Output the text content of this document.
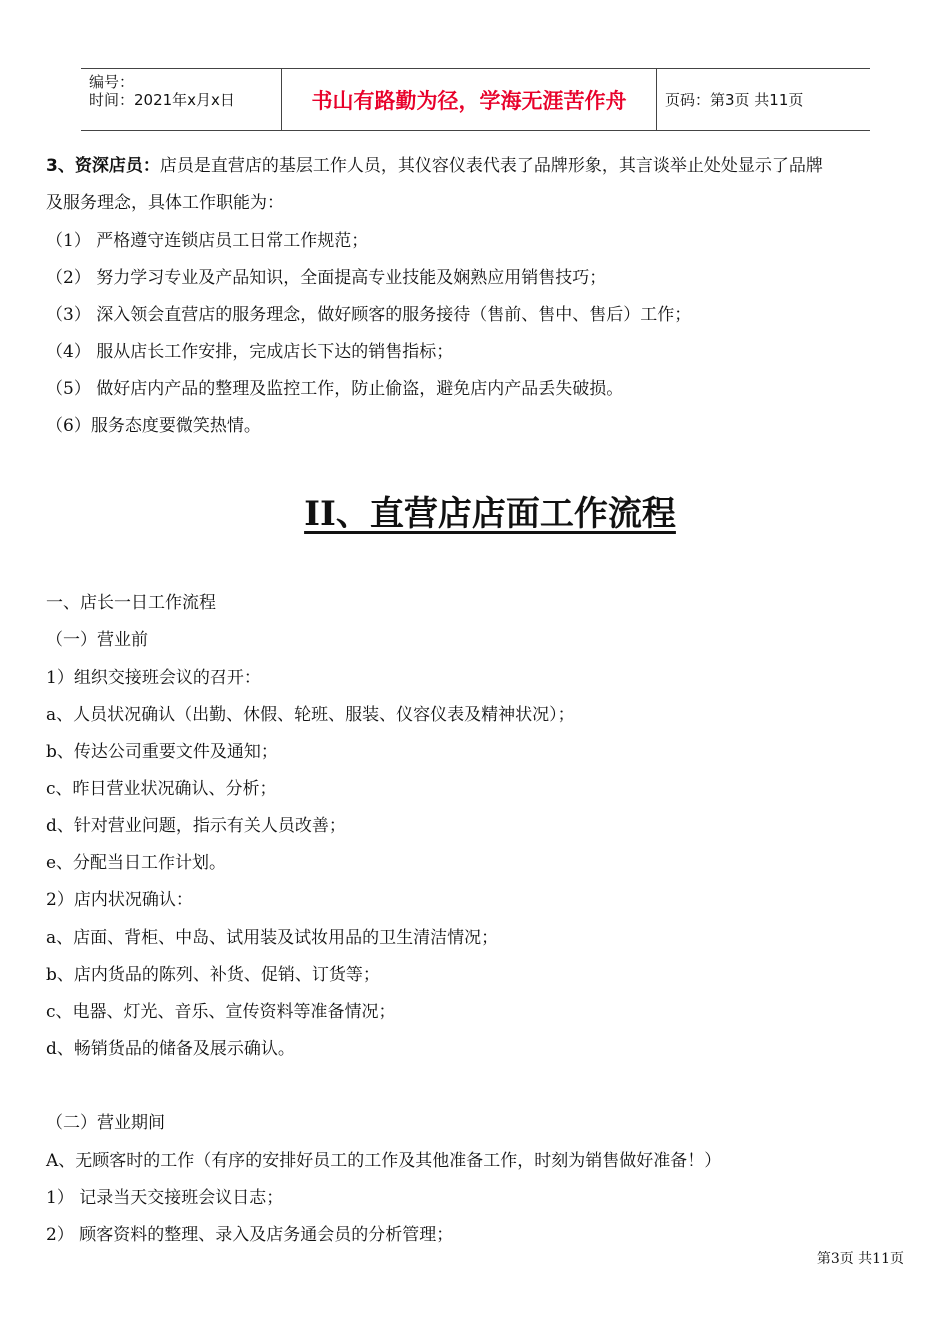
编号：
时间：2021年x月x日	书山有路勤为径，学海无涯苦作舟	页码：第3页 共11页
3、资深店员：店员是直营店的基层工作人员，其仪容仪表代表了品牌形象，其言谈举止处处显示了品牌
及服务理念，具体工作职能为：
（1） 严格遵守连锁店员工日常工作规范；
（2） 努力学习专业及产品知识，全面提高专业技能及娴熟应用销售技巧；
（3） 深入领会直营店的服务理念，做好顾客的服务接待（售前、售中、售后）工作；
（4） 服从店长工作安排，完成店长下达的销售指标；
（5） 做好店内产品的整理及监控工作，防止偷盗，避免店内产品丢失破损。
（6）服务态度要微笑热情。
II、直营店店面工作流程
一、店长一日工作流程
（一）营业前
1）组织交接班会议的召开：
a、人员状况确认（出勤、休假、轮班、服装、仪容仪表及精神状况）；
b、传达公司重要文件及通知；
c、昨日营业状况确认、分析；
d、针对营业问题，指示有关人员改善；
e、分配当日工作计划。
2）店内状况确认：
a、店面、背柜、中岛、试用装及试妆用品的卫生清洁情况；
b、店内货品的陈列、补货、促销、订货等；
c、电器、灯光、音乐、宣传资料等准备情况；
d、畅销货品的储备及展示确认。
（二）营业期间
A、无顾客时的工作（有序的安排好员工的工作及其他准备工作，时刻为销售做好准备！）
1） 记录当天交接班会议日志；
2） 顾客资料的整理、录入及店务通会员的分析管理；
第3页 共11页
